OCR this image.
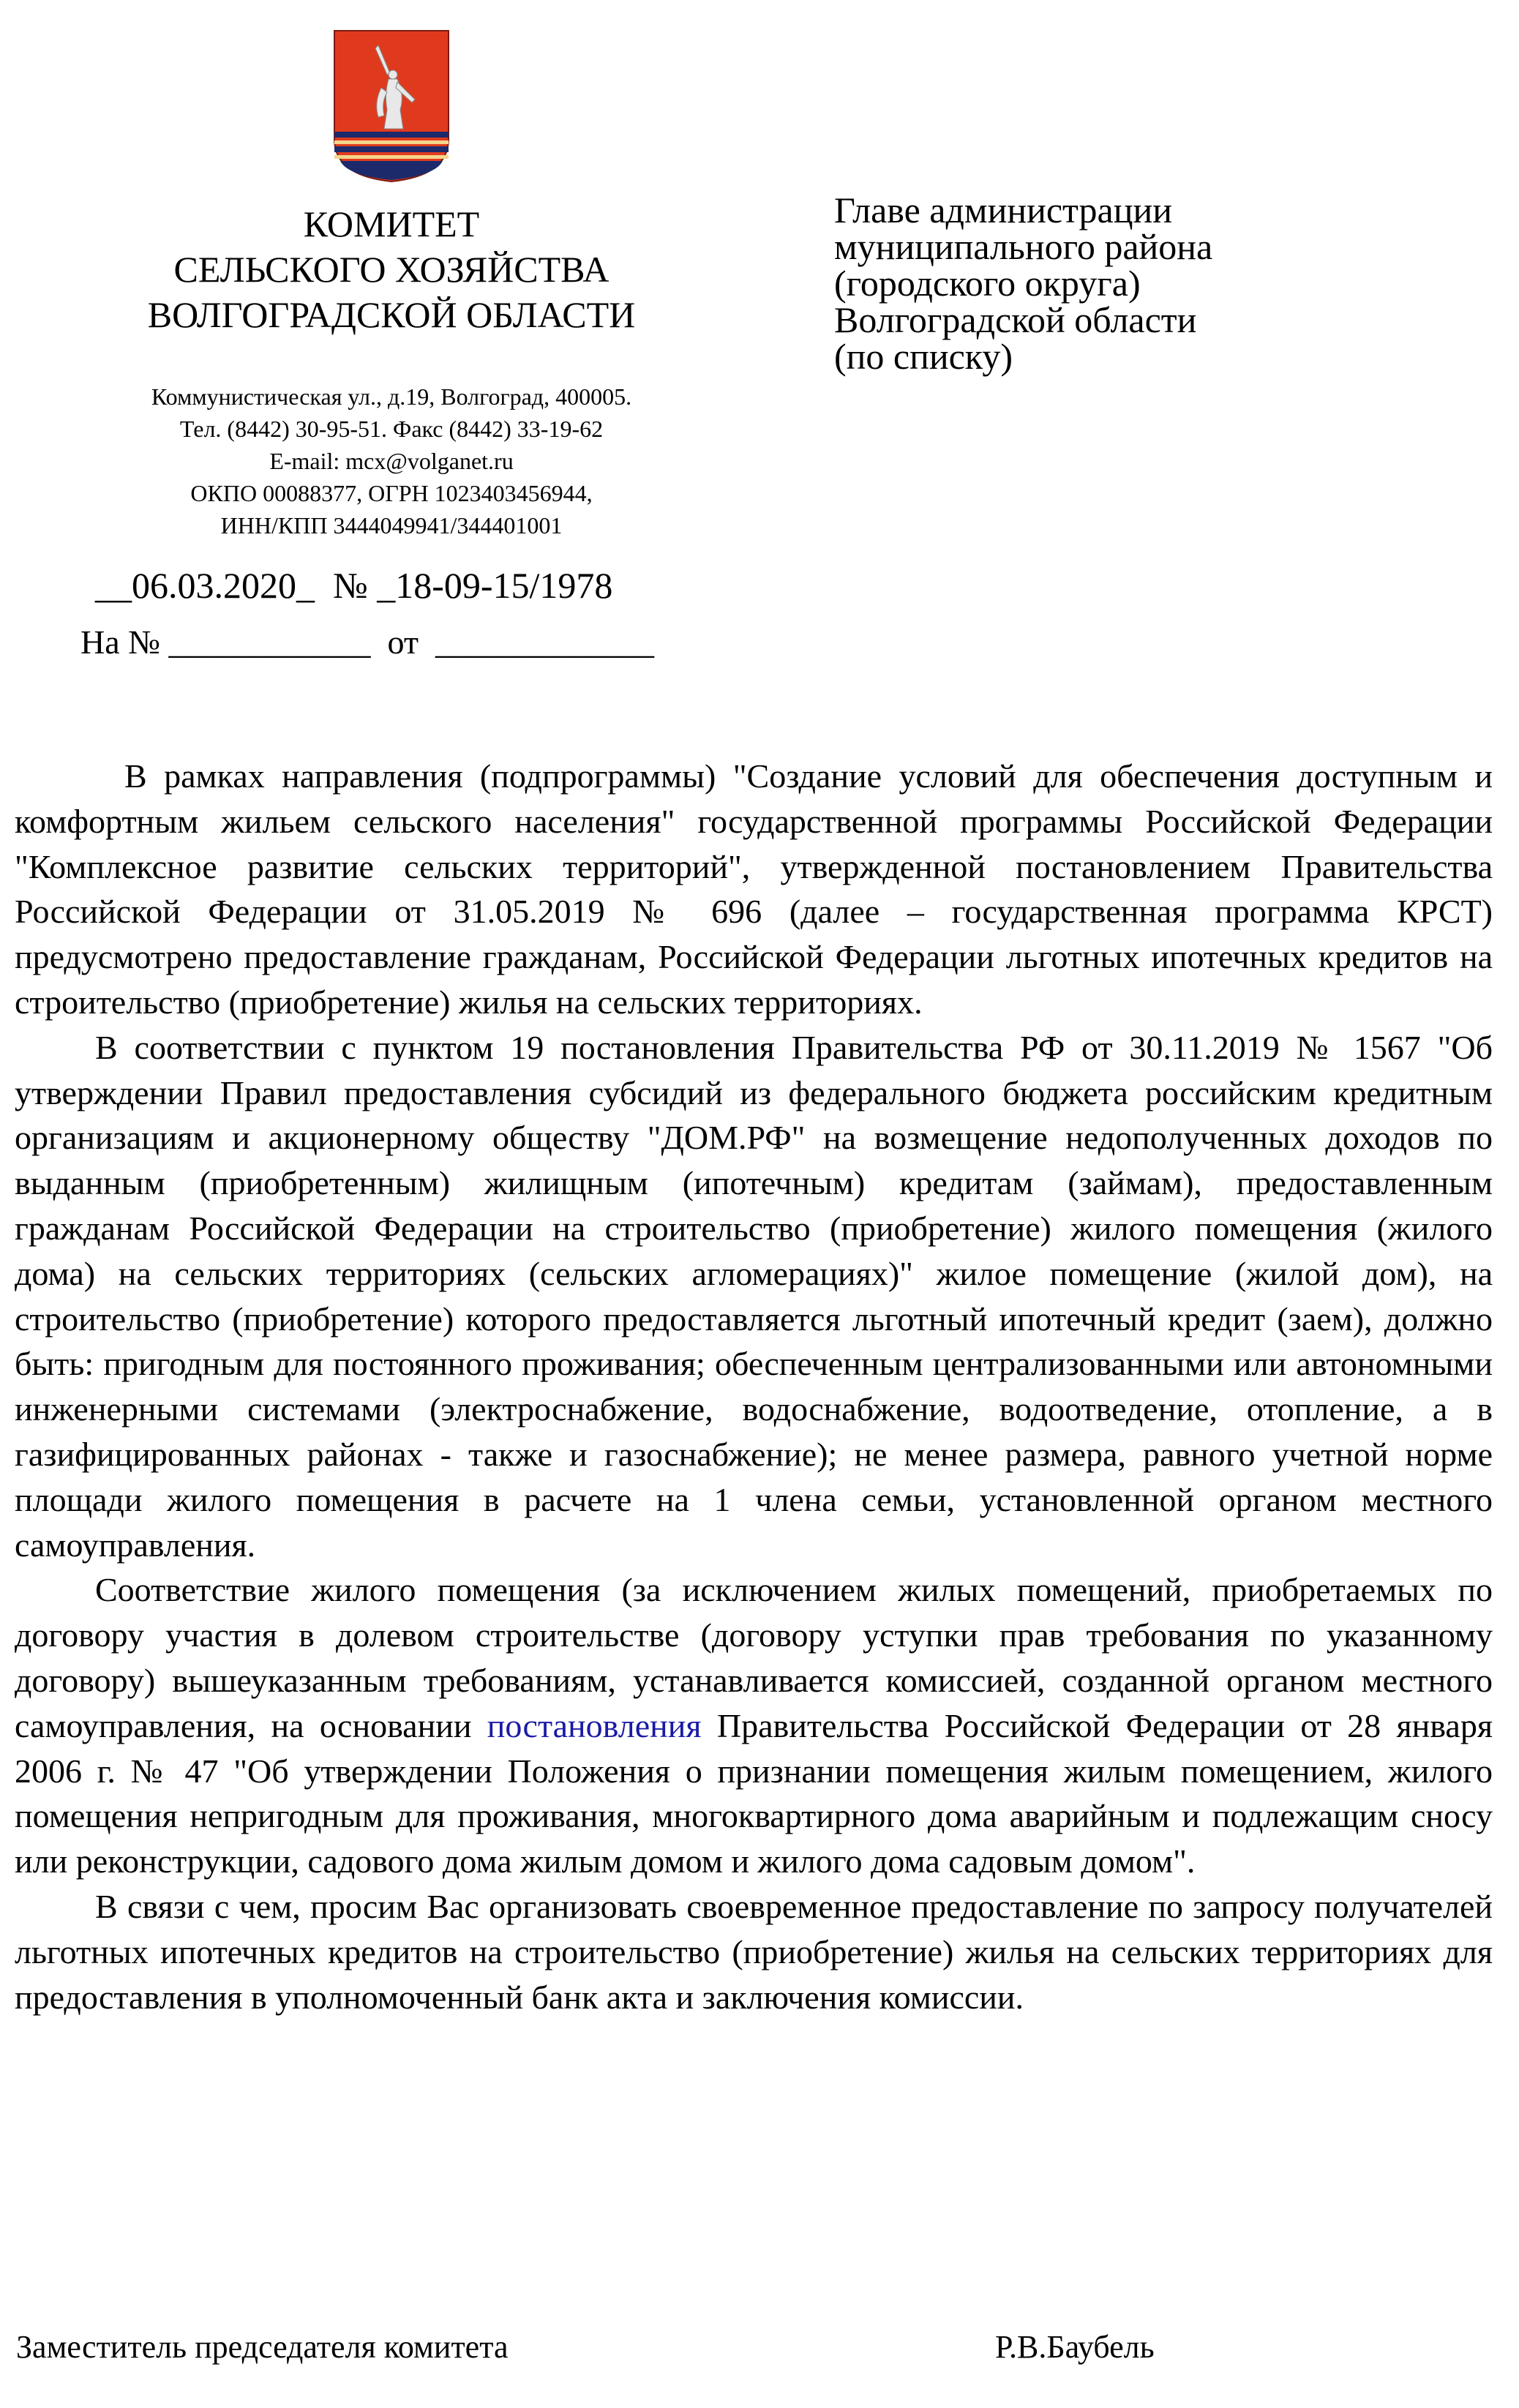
КОМИТЕТ
СЕЛЬСКОГО ХОЗЯЙСТВА
ВОЛГОГРАДСКОЙ ОБЛАСТИ
Коммунистическая ул., д.19, Волгоград, 400005.
Тел. (8442) 30-95-51. Факс (8442) 33-19-62
E-mail: mcx@volganet.ru
ОКПО 00088377, ОГРН 1023403456944,
ИНН/КПП 3444049941/344401001
__06.03.2020_ № _18-09-15/1978
На № ____________ от _____________
Главе администрации
муниципального района
(городского округа)
Волгоградской области
(по списку)

В рамках направления (подпрограммы) "Создание условий для обеспечения доступным и комфортным жильем сельского населения" государственной программы Российской Федерации "Комплексное развитие сельских территорий", утвержденной постановлением Правительства Российской Федерации от 31.05.2019 № 696 (далее – государственная программа КРСТ) предусмотрено предоставление гражданам, Российской Федерации льготных ипотечных кредитов на строительство (приобретение) жилья на сельских территориях.

В соответствии с пунктом 19 постановления Правительства РФ от 30.11.2019 № 1567 "Об утверждении Правил предоставления субсидий из федерального бюджета российским кредитным организациям и акционерному обществу "ДОМ.РФ" на возмещение недополученных доходов по выданным (приобретенным) жилищным (ипотечным) кредитам (займам), предоставленным гражданам Российской Федерации на строительство (приобретение) жилого помещения (жилого дома) на сельских территориях (сельских агломерациях)" жилое помещение (жилой дом), на строительство (приобретение) которого предоставляется льготный ипотечный кредит (заем), должно быть: пригодным для постоянного проживания; обеспеченным централизованными или автономными инженерными системами (электроснабжение, водоснабжение, водоотведение, отопление, а в газифицированных районах - также и газоснабжение); не менее размера, равного учетной норме площади жилого помещения в расчете на 1 члена семьи, установленной органом местного самоуправления.

Соответствие жилого помещения (за исключением жилых помещений, приобретаемых по договору участия в долевом строительстве (договору уступки прав требования по указанному договору) вышеуказанным требованиям, устанавливается комиссией, созданной органом местного самоуправления, на основании постановления Правительства Российской Федерации от 28 января 2006 г. № 47 "Об утверждении Положения о признании помещения жилым помещением, жилого помещения непригодным для проживания, многоквартирного дома аварийным и подлежащим сносу или реконструкции, садового дома жилым домом и жилого дома садовым домом".

В связи с чем, просим Вас организовать своевременное предоставление по запросу получателей льготных ипотечных кредитов на строительство (приобретение) жилья на сельских территориях для предоставления в уполномоченный банк акта и заключения комиссии.

Заместитель председателя комитета	Р.В.Баубель
